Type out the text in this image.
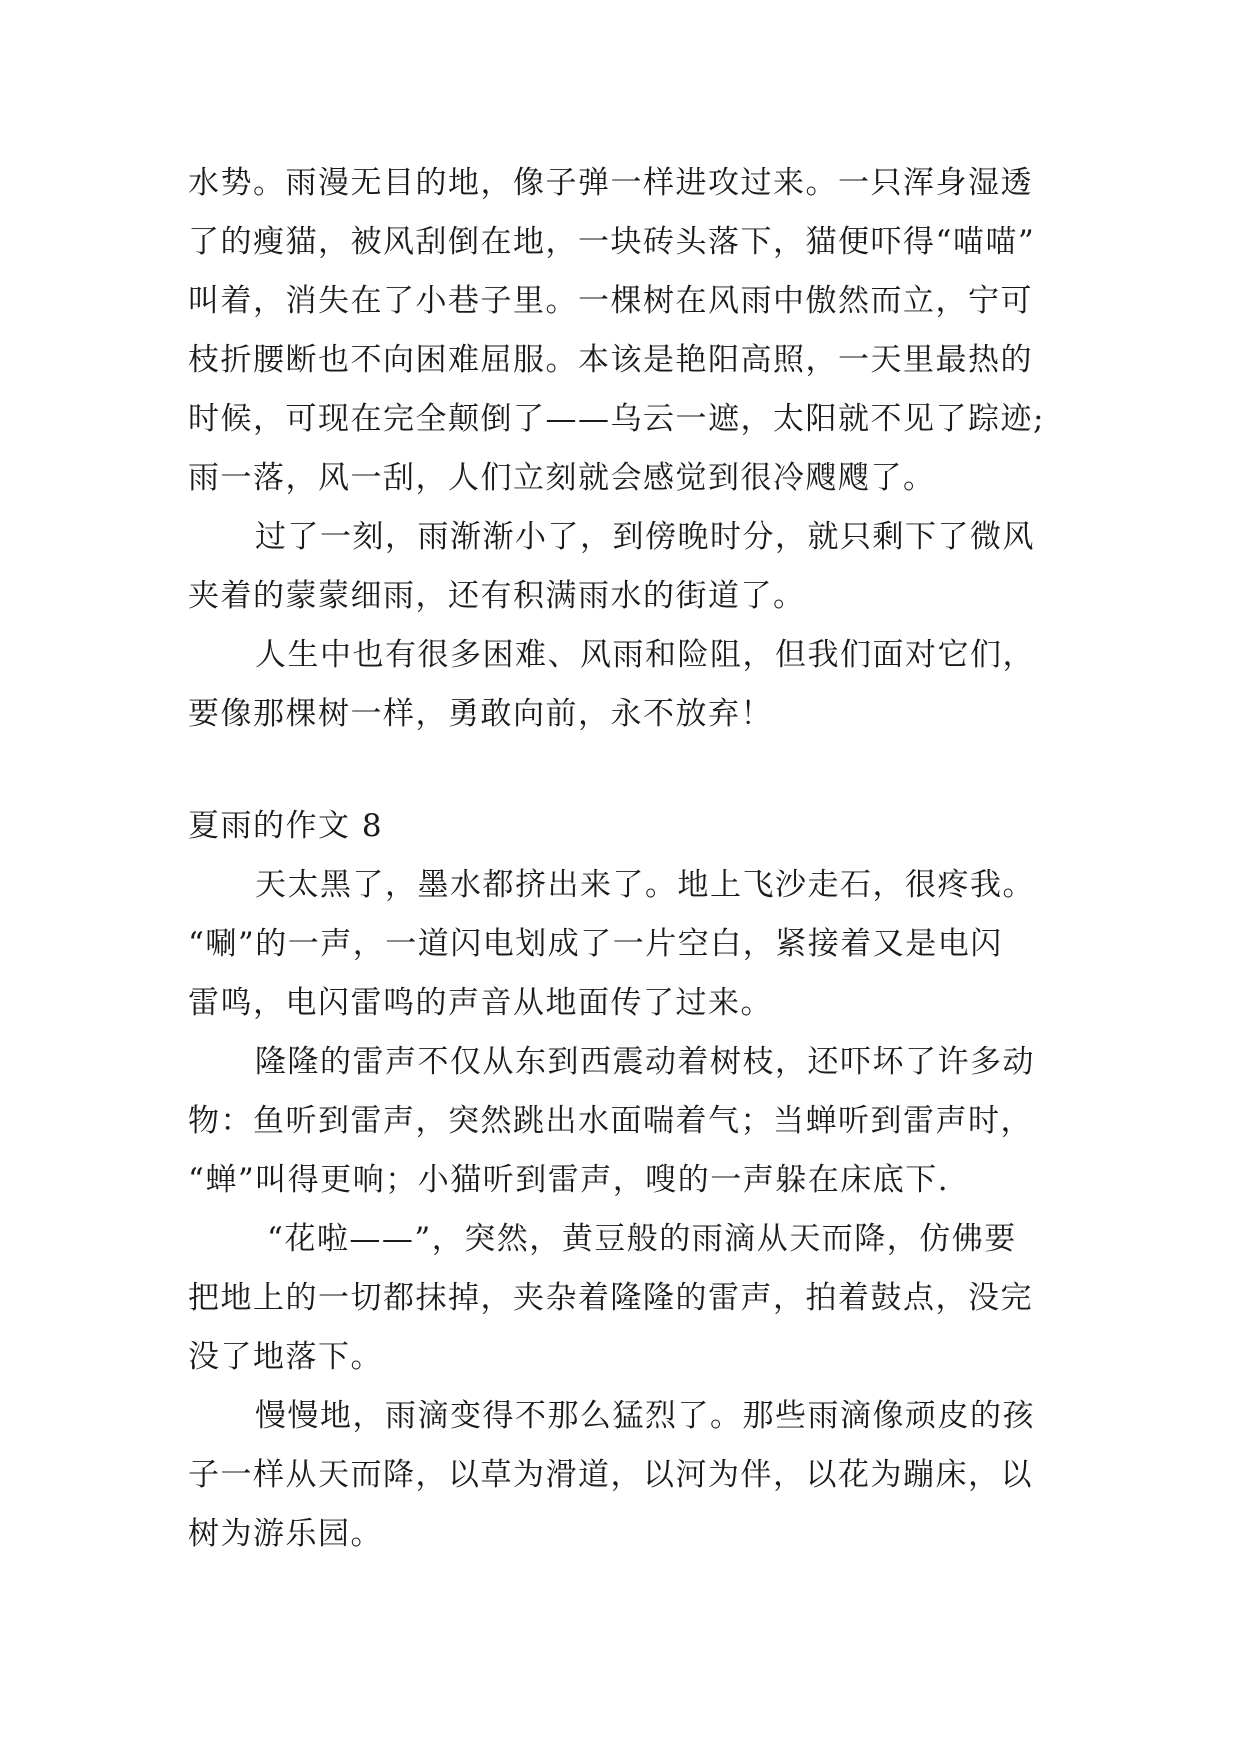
水势。雨漫无目的地，像子弹一样进攻过来。一只浑身湿透
了的瘦猫，被风刮倒在地，一块砖头落下，猫便吓得“喵喵”
叫着，消失在了小巷子里。一棵树在风雨中傲然而立，宁可
枝折腰断也不向困难屈服。本该是艳阳高照，一天里最热的
时候，可现在完全颠倒了——乌云一遮，太阳就不见了踪迹;
雨一落，风一刮，人们立刻就会感觉到很冷飕飕了。
过了一刻，雨渐渐小了，到傍晚时分，就只剩下了微风
夹着的蒙蒙细雨，还有积满雨水的街道了。
人生中也有很多困难、风雨和险阻，但我们面对它们，
要像那棵树一样，勇敢向前，永不放弃！
夏雨的作文 8
天太黑了，墨水都挤出来了。地上飞沙走石，很疼我。
“唰”的一声，一道闪电划成了一片空白，紧接着又是电闪
雷鸣，电闪雷鸣的声音从地面传了过来。
隆隆的雷声不仅从东到西震动着树枝，还吓坏了许多动
物：鱼听到雷声，突然跳出水面喘着气；当蝉听到雷声时，
“蝉”叫得更响；小猫听到雷声，嗖的一声躲在床底下.
“花啦——”，突然，黄豆般的雨滴从天而降，仿佛要
把地上的一切都抹掉，夹杂着隆隆的雷声，拍着鼓点，没完
没了地落下。
慢慢地，雨滴变得不那么猛烈了。那些雨滴像顽皮的孩
子一样从天而降，以草为滑道，以河为伴，以花为蹦床，以
树为游乐园。
